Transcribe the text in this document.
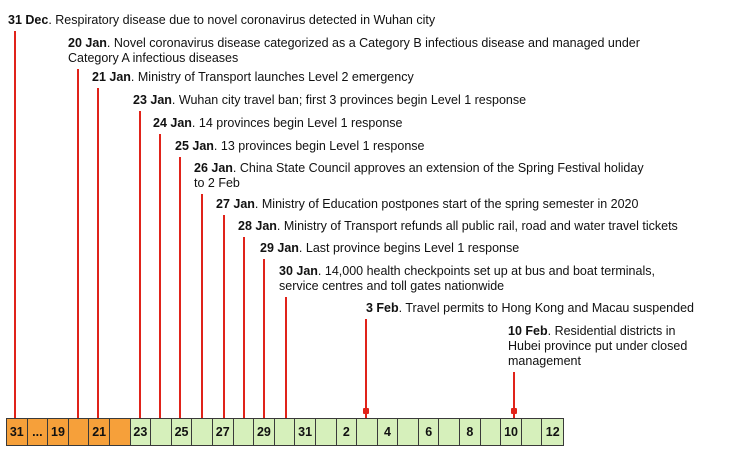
31 ... 19	21	23	25	27	29	31	2	4	6	8	10	12
31 Dec. Respiratory disease due to novel coronavirus detected in Wuhan city
20 Jan. Novel coronavirus disease categorized as a Category B infectious disease and managed under
Category A infectious diseases
21 Jan. Ministry of Transport launches Level 2 emergency
23 Jan. Wuhan city travel ban; first 3 provinces begin Level 1 response
24 Jan. 14 provinces begin Level 1 response
25 Jan. 13 provinces begin Level 1 response
26 Jan. China State Council approves an extension of the Spring Festival holiday
to 2 Feb
27 Jan. Ministry of Education postpones start of the spring semester in 2020
28 Jan. Ministry of Transport refunds all public rail, road and water travel tickets
29 Jan. Last province begins Level 1 response
30 Jan. 14,000 health checkpoints set up at bus and boat terminals,
service centres and toll gates nationwide
3 Feb. Travel permits to Hong Kong and Macau suspended
10 Feb. Residential districts in
Hubei province put under closed
management
